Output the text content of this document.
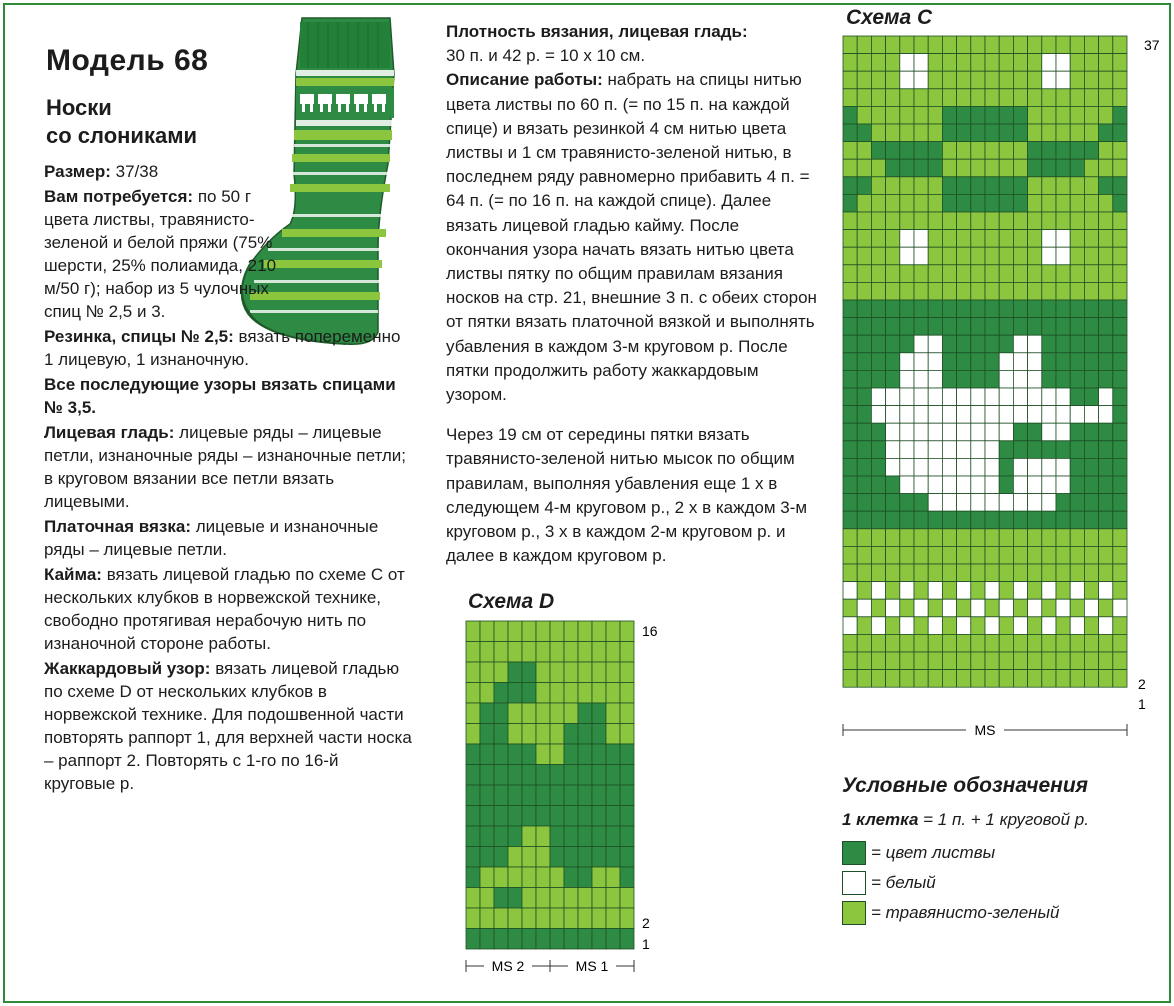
Модель 68
Носки
со слониками

Размер: 37/38

Вам потребуется: по 50 г цвета листвы, травянисто-зеленой и белой пряжи (75% шерсти, 25% полиамида, 210 м/50 г); набор из 5 чулочных спиц № 2,5 и 3.

Резинка, спицы № 2,5: вязать попеременно 1 лицевую, 1 изнаночную.

Все последующие узоры вязать спицами № 3,5.

Лицевая гладь: лицевые ряды – лицевые петли, изнаночные ряды – изнаночные петли; в круговом вязании все петли вязать лицевыми.

Платочная вязка: лицевые и изнаночные ряды – лицевые петли.

Кайма: вязать лицевой гладью по схеме С от нескольких клубков в норвежской технике, свободно протягивая нерабочую нить по изнаночной стороне работы.

Жаккардовый узор: вязать лицевой гладью по схеме D от нескольких клубков в норвежской технике. Для подошвенной части повторять раппорт 1, для верхней части носка – раппорт 2. Повторять с 1-го по 16-й круговые р.

Плотность вязания, лицевая гладь:
30 п. и 42 р. = 10 х 10 см.

Описание работы: набрать на спицы нитью цвета листвы по 60 п. (= по 15 п. на каждой спице) и вязать резинкой 4 см нитью цвета листвы и 1 см травянисто-зеленой нитью, в последнем ряду равномерно прибавить 4 п. = 64 п. (= по 16 п. на каждой спице). Далее вязать лицевой гладью кайму. После окончания узора начать вязать нитью цвета листвы пятку по общим правилам вязания носков на стр. 21, внешние 3 п. с обеих сторон от пятки вязать платочной вязкой и выполнять убавления в каждом 3-м круговом р. После пятки продолжить работу жаккардовым узором.

Через 19 см от середины пятки вязать травянисто-зеленой нитью мысок по общим правилам, выполняя убавления еще 1 х в следующем 4-м круговом р., 2 х в каждом 3-м круговом р., 3 х в каждом 2-м круговом р. и далее в каждом круговом р.

Схема D
16
2
1
MS 2	MS 1
Схема С
37
2
1
MS
Условные обозначения
1 клетка
= 1 п. + 1 круговой р.
= цвет листвы
= белый
= травянисто-зеленый
